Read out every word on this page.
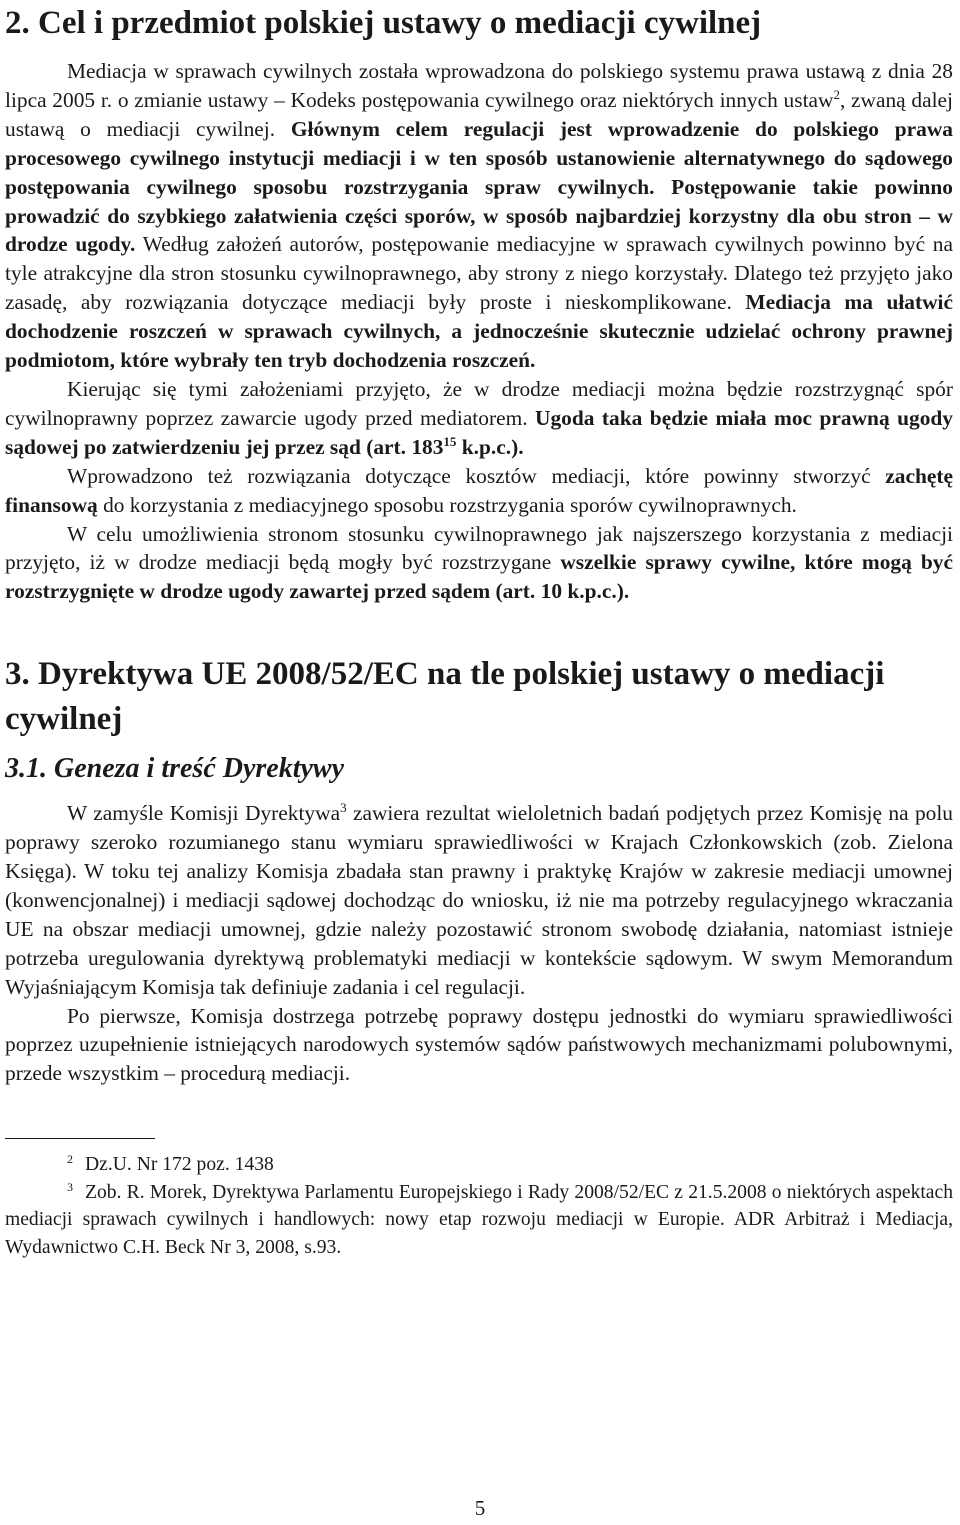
2. Cel i przedmiot polskiej ustawy o mediacji cywilnej

Mediacja w sprawach cywilnych została wprowadzona do polskiego systemu prawa ustawą z dnia 28 lipca 2005 r. o zmianie ustawy – Kodeks postępowania cywilnego oraz niektórych innych ustaw$^2$, zwaną dalej ustawą o mediacji cywilnej. Głównym celem regulacji jest wprowadzenie do polskiego prawa procesowego cywilnego instytucji mediacji i w ten sposób ustanowienie alternatywnego do sądowego postępowania cywilnego sposobu rozstrzygania spraw cywilnych. Postępowanie takie powinno prowadzić do szybkiego załatwienia części sporów, w sposób najbardziej korzystny dla obu stron – w drodze ugody. Według założeń autorów, postępowanie mediacyjne w sprawach cywilnych powinno być na tyle atrakcyjne dla stron stosunku cywilnoprawnego, aby strony z niego korzystały. Dlatego też przyjęto jako zasadę, aby rozwiązania dotyczące mediacji były proste i nieskomplikowane. Mediacja ma ułatwić dochodzenie roszczeń w sprawach cywilnych, a jednocześnie skutecznie udzielać ochrony prawnej podmiotom, które wybrały ten tryb dochodzenia roszczeń.

Kierując się tymi założeniami przyjęto, że w drodze mediacji można będzie rozstrzygnąć spór cywilnoprawny poprzez zawarcie ugody przed mediatorem. Ugoda taka będzie miała moc prawną ugody sądowej po zatwierdzeniu jej przez sąd (art. $183^{15}$ k.p.c.).

Wprowadzono też rozwiązania dotyczące kosztów mediacji, które powinny stworzyć zachętę finansową do korzystania z mediacyjnego sposobu rozstrzygania sporów cywilnoprawnych.

W celu umożliwienia stronom stosunku cywilnoprawnego jak najszerszego korzystania z mediacji przyjęto, iż w drodze mediacji będą mogły być rozstrzygane wszelkie sprawy cywilne, które mogą być rozstrzygnięte w drodze ugody zawartej przed sądem (art. 10 k.p.c.).

3. Dyrektywa UE 2008/52/EC na tle polskiej ustawy o mediacji cywilnej
3.1. Geneza i treść Dyrektywy

W zamyśle Komisji Dyrektywa$^3$ zawiera rezultat wieloletnich badań podjętych przez Komisję na polu poprawy szeroko rozumianego stanu wymiaru sprawiedliwości w Krajach Członkowskich (zob. Zielona Księga). W toku tej analizy Komisja zbadała stan prawny i praktykę Krajów w zakresie mediacji umownej (konwencjonalnej) i mediacji sądowej dochodząc do wniosku, iż nie ma potrzeby regulacyjnego wkraczania UE na obszar mediacji umownej, gdzie należy pozostawić stronom swobodę działania, natomiast istnieje potrzeba uregulowania dyrektywą problematyki mediacji w kontekście sądowym. W swym Memorandum Wyjaśniającym Komisja tak definiuje zadania i cel regulacji.

Po pierwsze, Komisja dostrzega potrzebę poprawy dostępu jednostki do wymiaru sprawiedliwości poprzez uzupełnienie istniejących narodowych systemów sądów państwowych mechanizmami polubownymi, przede wszystkim – procedurą mediacji.

$^2$ Dz.U. Nr 172 poz. 1438

$^3$ Zob. R. Morek, Dyrektywa Parlamentu Europejskiego i Rady 2008/52/EC z 21.5.2008 o niektórych aspektach mediacji sprawach cywilnych i handlowych: nowy etap rozwoju mediacji w Europie. ADR Arbitraż i Mediacja, Wydawnictwo C.H. Beck Nr 3, 2008, s.93.

5
